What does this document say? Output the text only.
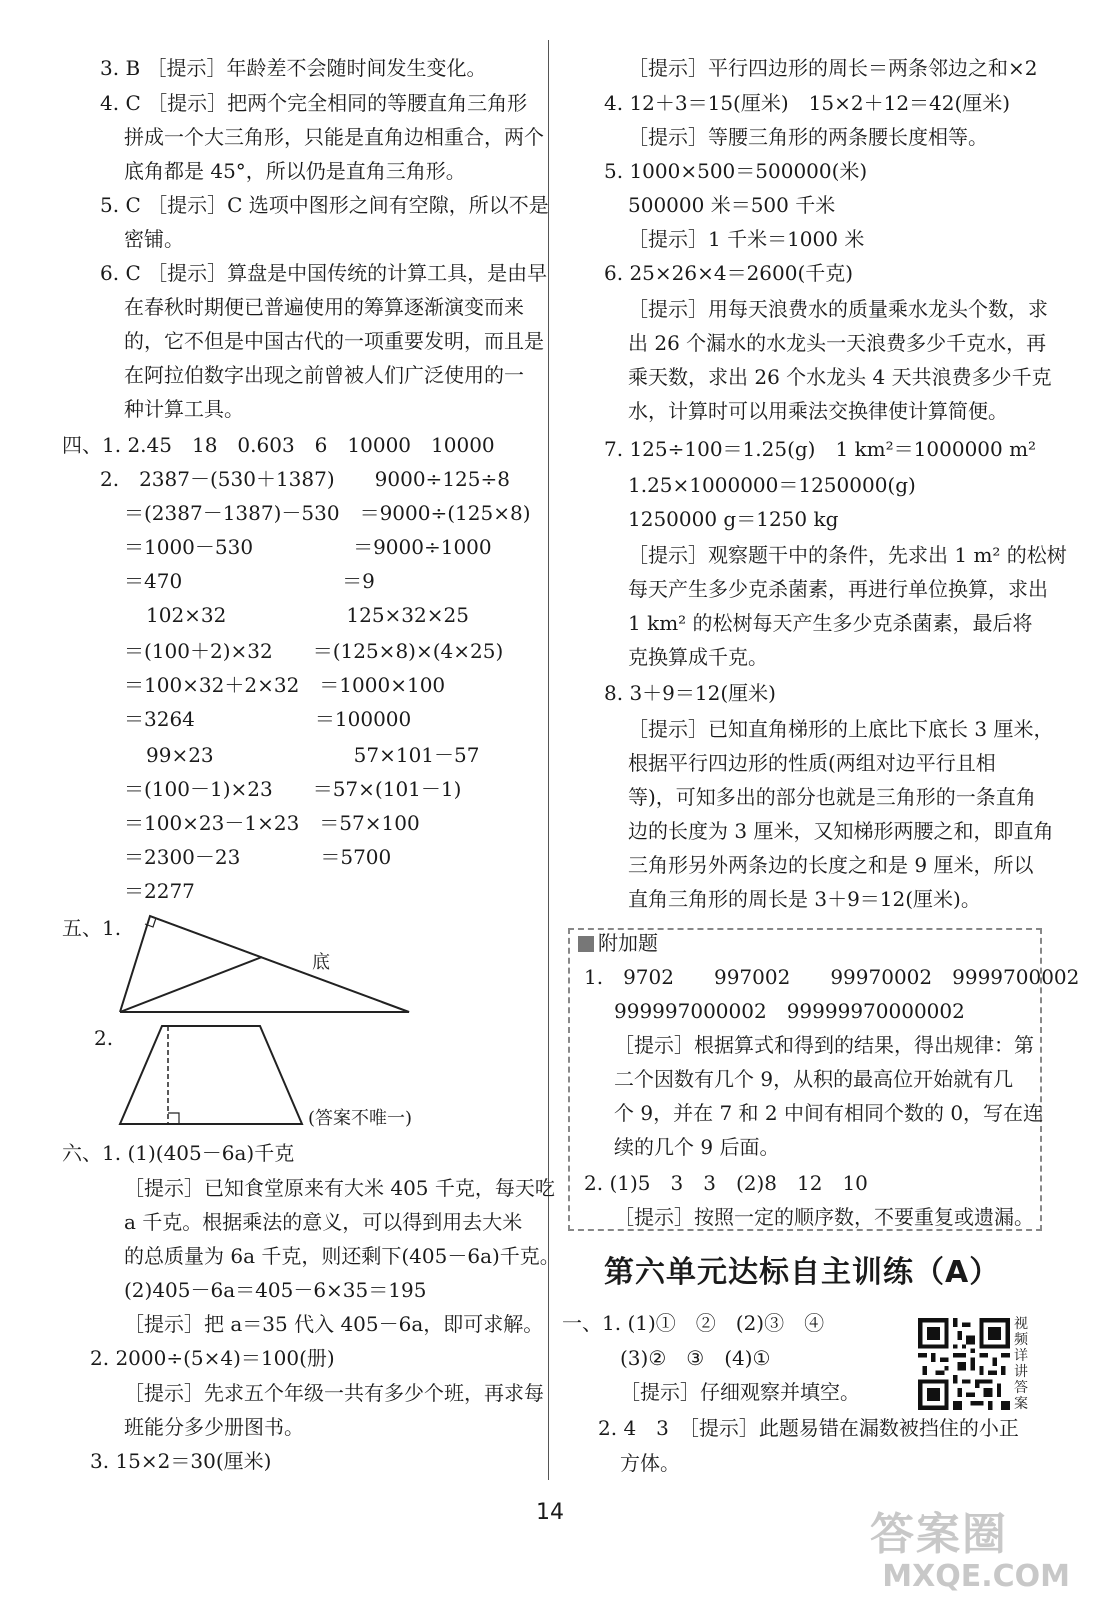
3. B ［提示］年龄差不会随时间发生变化。
4. C ［提示］把两个完全相同的等腰直角三角形
拼成一个大三角形，只能是直角边相重合，两个
底角都是 45°，所以仍是直角三角形。
5. C ［提示］C 选项中图形之间有空隙，所以不是
密铺。
6. C ［提示］算盘是中国传统的计算工具，是由早
在春秋时期便已普遍使用的筹算逐渐演变而来
的，它不但是中国古代的一项重要发明，而且是
在阿拉伯数字出现之前曾被人们广泛使用的一
种计算工具。
四、1. 2.45　18　0.603　6　10000　10000
2.　2387－(530＋1387)　　9000÷125÷8
＝(2387－1387)－530　＝9000÷(125×8)
＝1000－530　　　　　＝9000÷1000
＝470　　　　　　　　＝9
102×32　　　　　　125×32×25
＝(100＋2)×32　　＝(125×8)×(4×25)
＝100×32＋2×32　＝1000×100
＝3264　　　　　　＝100000
99×23　　　　　　　57×101－57
＝(100－1)×23　　＝57×(101－1)
＝100×23－1×23　＝57×100
＝2300－23　　　　＝5700
＝2277
五、1.
2.
六、1. (1)(405－6a)千克
［提示］已知食堂原来有大米 405 千克，每天吃
a 千克。根据乘法的意义，可以得到用去大米
的总质量为 6a 千克，则还剩下(405－6a)千克。
(2)405－6a＝405－6×35＝195
［提示］把 a＝35 代入 405－6a，即可求解。
2. 2000÷(5×4)＝100(册)
［提示］先求五个年级一共有多少个班，再求每
班能分多少册图书。
3. 15×2＝30(厘米)
［提示］平行四边形的周长＝两条邻边之和×2
4. 12＋3＝15(厘米)　15×2＋12＝42(厘米)
［提示］等腰三角形的两条腰长度相等。
5. 1000×500＝500000(米)
500000 米＝500 千米
［提示］1 千米＝1000 米
6. 25×26×4＝2600(千克)
［提示］用每天浪费水的质量乘水龙头个数，求
出 26 个漏水的水龙头一天浪费多少千克水，再
乘天数，求出 26 个水龙头 4 天共浪费多少千克
水，计算时可以用乘法交换律使计算简便。
7. 125÷100＝1.25(g)　1 km²＝1000000 m²
1.25×1000000＝1250000(g)
1250000 g＝1250 kg
［提示］观察题干中的条件，先求出 1 m² 的松树
每天产生多少克杀菌素，再进行单位换算，求出
1 km² 的松树每天产生多少克杀菌素，最后将
克换算成千克。
8. 3＋9＝12(厘米)
［提示］已知直角梯形的上底比下底长 3 厘米，
根据平行四边形的性质(两组对边平行且相
等)，可知多出的部分也就是三角形的一条直角
边的长度为 3 厘米，又知梯形两腰之和，即直角
三角形另外两条边的长度之和是 9 厘米，所以
直角三角形的周长是 3＋9＝12(厘米)。
底
(答案不唯一)
附加题
1.　9702　　997002　　99970002　9999700002
999997000002　99999970000002
［提示］根据算式和得到的结果，得出规律：第
二个因数有几个 9，从积的最高位开始就有几
个 9，并在 7 和 2 中间有相同个数的 0，写在连
续的几个 9 后面。
2. (1)5　3　3　(2)8　12　10
［提示］按照一定的顺序数，不要重复或遗漏。
第六单元达标自主训练（A）
一、1. (1)①　②　(2)③　④
(3)②　③　(4)①
［提示］仔细观察并填空。
2. 4　3　［提示］此题易错在漏数被挡住的小正
方体。
视频详讲答案
14	答案圈
MXQE.COM
